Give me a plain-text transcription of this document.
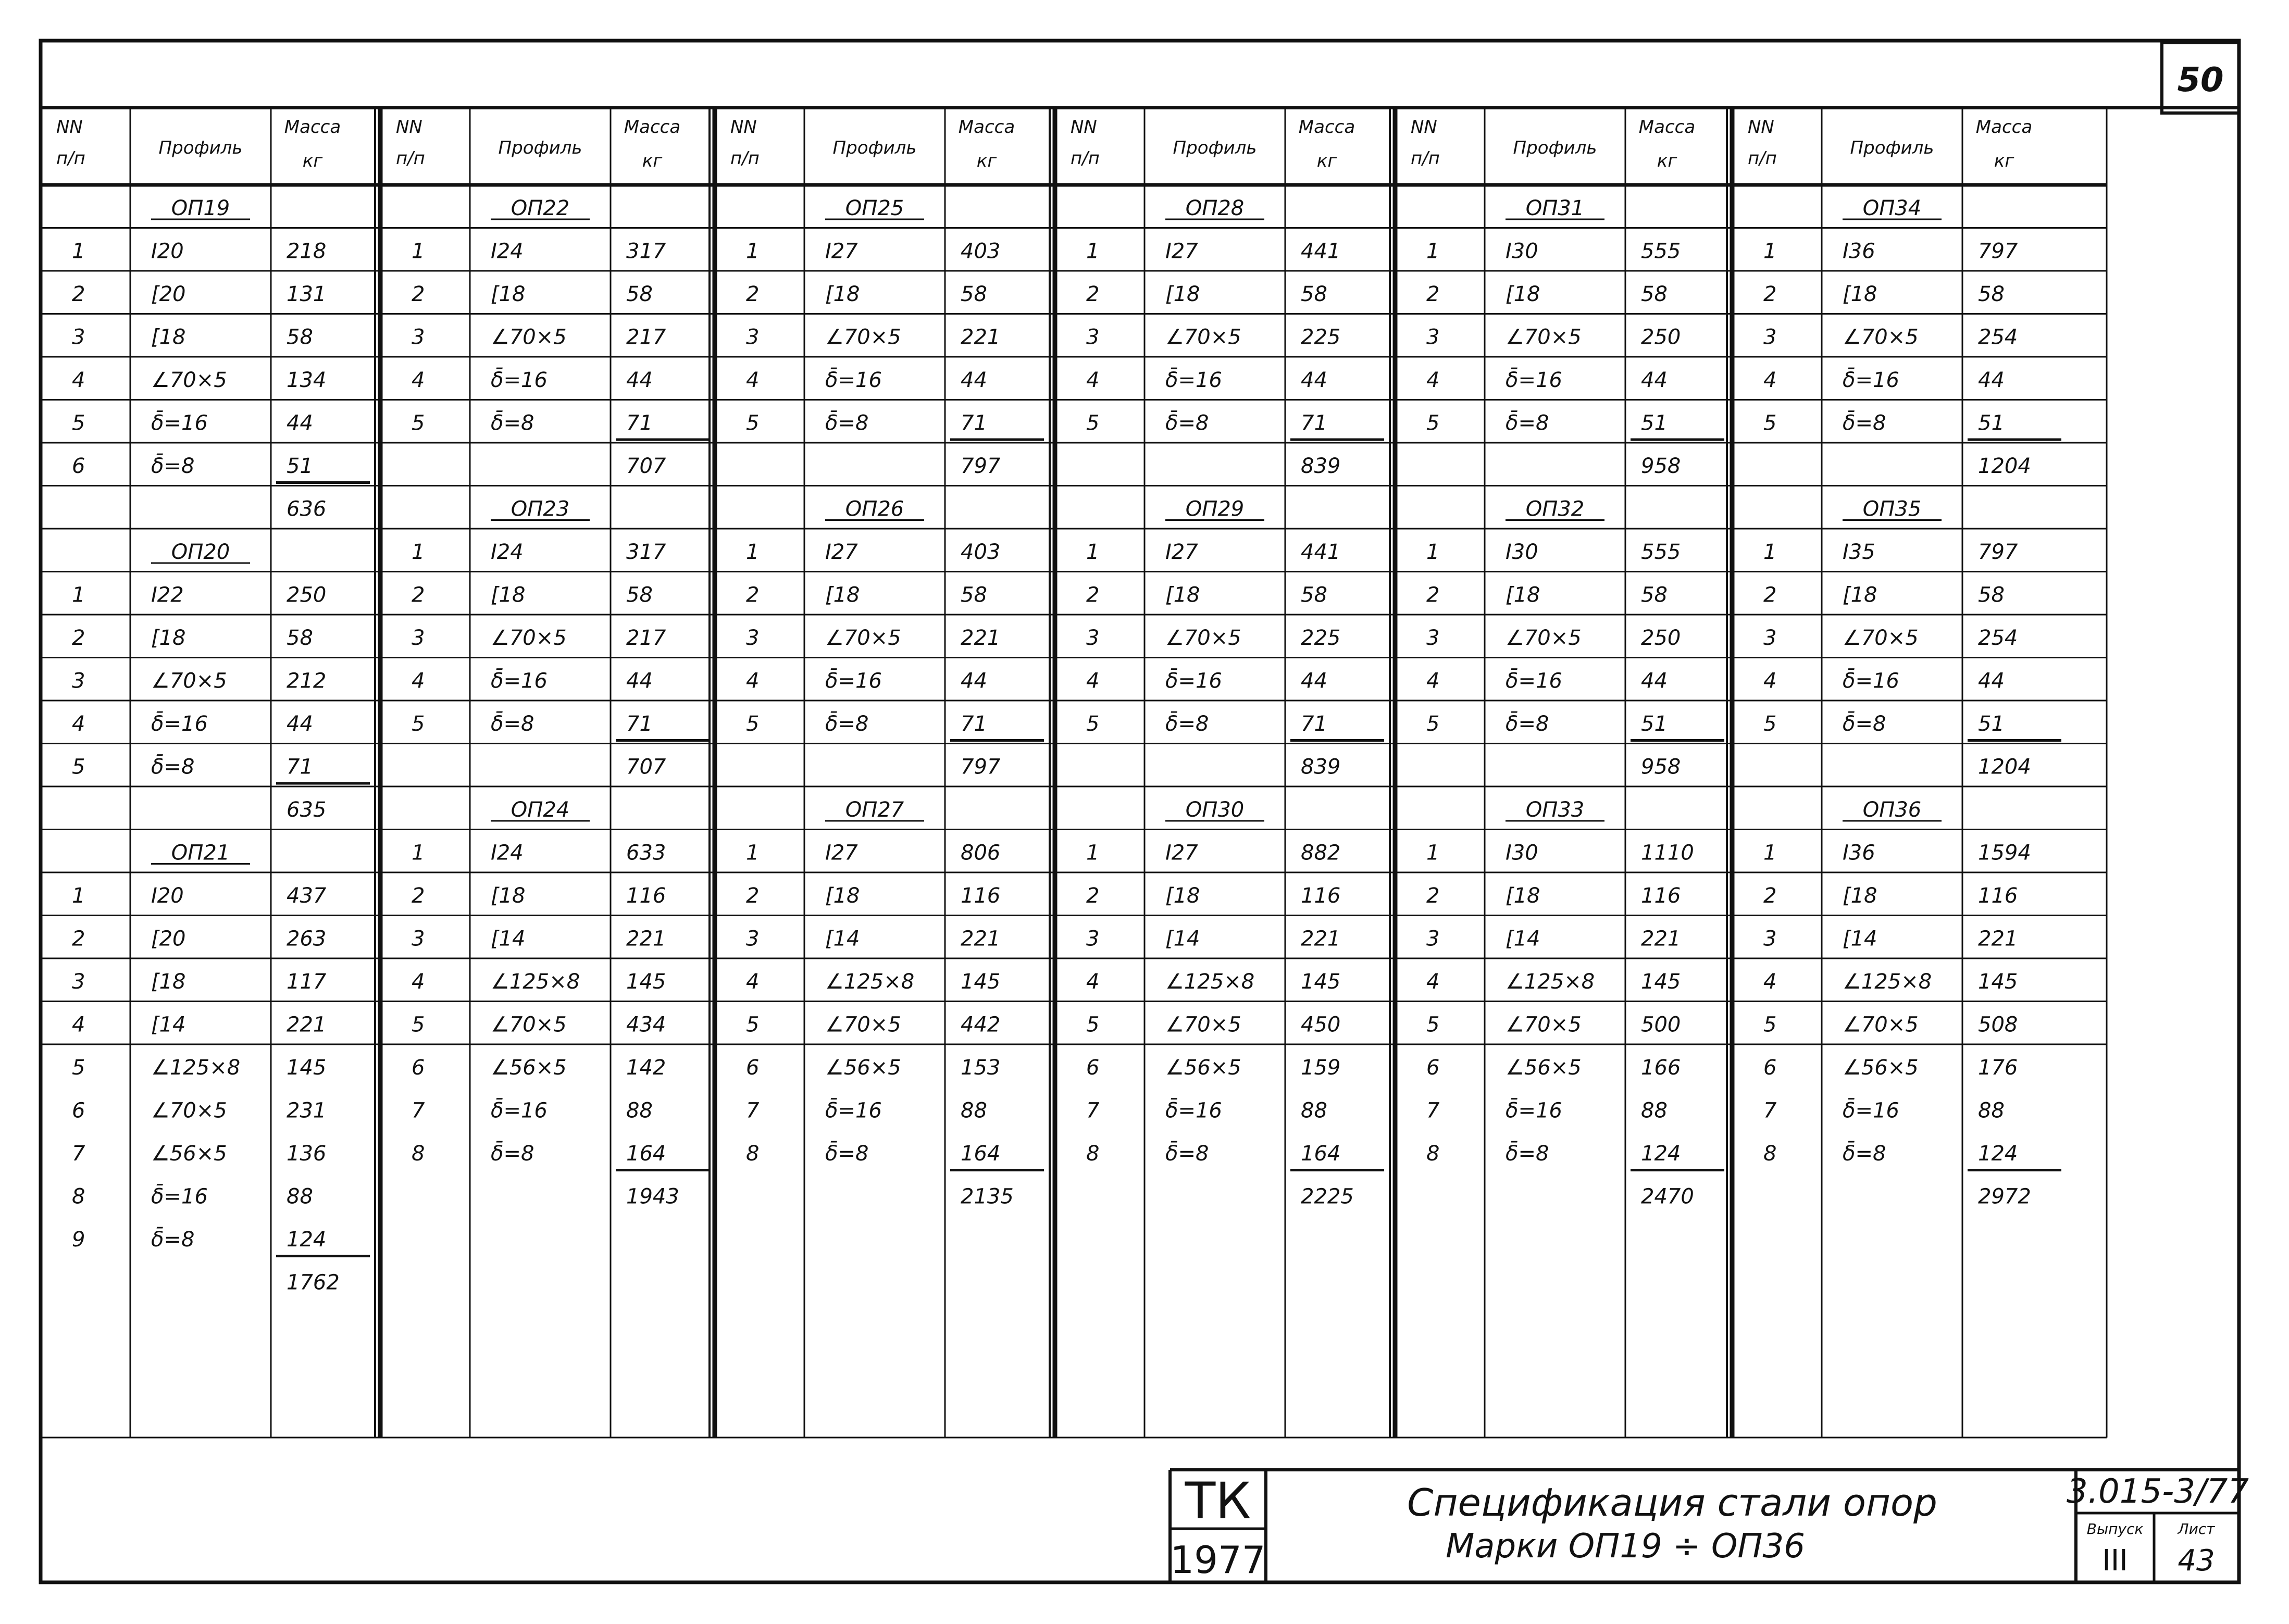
50
NN
п/п	Профиль
Масса
кг
NN
п/п	Профиль
Масса
кг
NN
п/п	Профиль
Масса
кг
NN
п/п	Профиль
Масса
кг
NN
п/п	Профиль
Масса
кг
NN
п/п	Профиль
Масса
кг
ОП19
1	I20	218
2	[20	131
3	[18	58
4	∠70×5	134
5	δ̄=16	44
6	δ̄=8	51
636
ОП20
1	I22	250
2	[18	58
3	∠70×5	212
4	δ̄=16	44
5	δ̄=8	71
635
ОП21
1	I20	437
2	[20	263
3	[18	117
4	[14	221
5	∠125×8 145
6	∠70×5	231
7	∠56×5	136
8	δ̄=16	88
9	δ̄=8	124
1762
ОП22
1	I24	317
2	[18	58
3	∠70×5	217
4	δ̄=16	44
5	δ̄=8	71
707
ОП23
1	I24	317
2	[18	58
3	∠70×5	217
4	δ̄=16	44
5	δ̄=8	71
707
ОП24
1	I24	633
2	[18	116
3	[14	221
4	∠125×8 145
5	∠70×5	434
6	∠56×5	142
7	δ̄=16	88
8	δ̄=8	164
1943
ОП25
1	I27	403
2	[18	58
3	∠70×5	221
4	δ̄=16	44
5	δ̄=8	71
797
ОП26
1	I27	403
2	[18	58
3	∠70×5	221
4	δ̄=16	44
5	δ̄=8	71
797
ОП27
1	I27	806
2	[18	116
3	[14	221
4	∠125×8 145
5	∠70×5	442
6	∠56×5	153
7	δ̄=16	88
8	δ̄=8	164
2135
ОП28
1	I27	441
2	[18	58
3	∠70×5	225
4	δ̄=16	44
5	δ̄=8	71
839
ОП29
1	I27	441
2	[18	58
3	∠70×5	225
4	δ̄=16	44
5	δ̄=8	71
839
ОП30
1	I27	882
2	[18	116
3	[14	221
4	∠125×8 145
5	∠70×5	450
6	∠56×5	159
7	δ̄=16	88
8	δ̄=8	164
2225
ОП31
1	I30	555
2	[18	58
3	∠70×5	250
4	δ̄=16	44
5	δ̄=8	51
958
ОП32
1	I30	555
2	[18	58
3	∠70×5	250
4	δ̄=16	44
5	δ̄=8	51
958
ОП33
1	I30	1110
2	[18	116
3	[14	221
4	∠125×8 145
5	∠70×5	500
6	∠56×5	166
7	δ̄=16	88
8	δ̄=8	124
2470
ОП34
1	I36	797
2	[18	58
3	∠70×5	254
4	δ̄=16	44
5	δ̄=8	51
1204
ОП35
1	I35	797
2	[18	58
3	∠70×5	254
4	δ̄=16	44
5	δ̄=8	51
1204
ОП36
1	I36	1594
2	[18	116
3	[14	221
4	∠125×8 145
5	∠70×5	508
6	∠56×5	176
7	δ̄=16	88
8	δ̄=8	124
2972
ТК
1977
Спецификация стали опор
Марки ОП19 ÷ ОП36
3.015-3/77
Выпуск
III
Лист
43
